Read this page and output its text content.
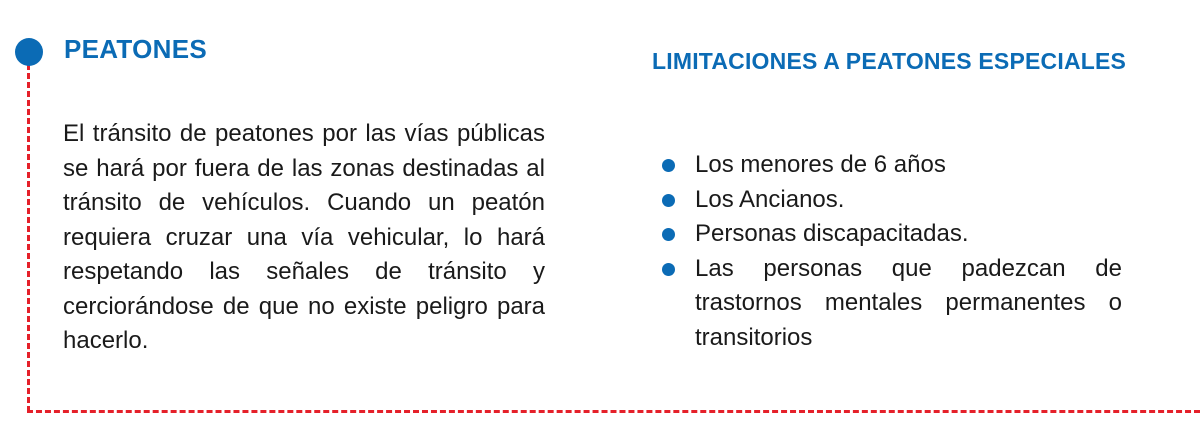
PEATONES

El tránsito de peatones por las vías públicas se hará por fuera de las zonas destinadas al tránsito de vehículos. Cuando un peatón requiera cruzar una vía vehicular, lo hará respetando las señales de tránsito y cerciorándose de que no existe peligro para hacerlo.

LIMITACIONES A PEATONES ESPECIALES
Los menores de 6 años
Los Ancianos.
Personas discapacitadas.
Las personas que padezcan de trastornos mentales permanentes o transitorios
